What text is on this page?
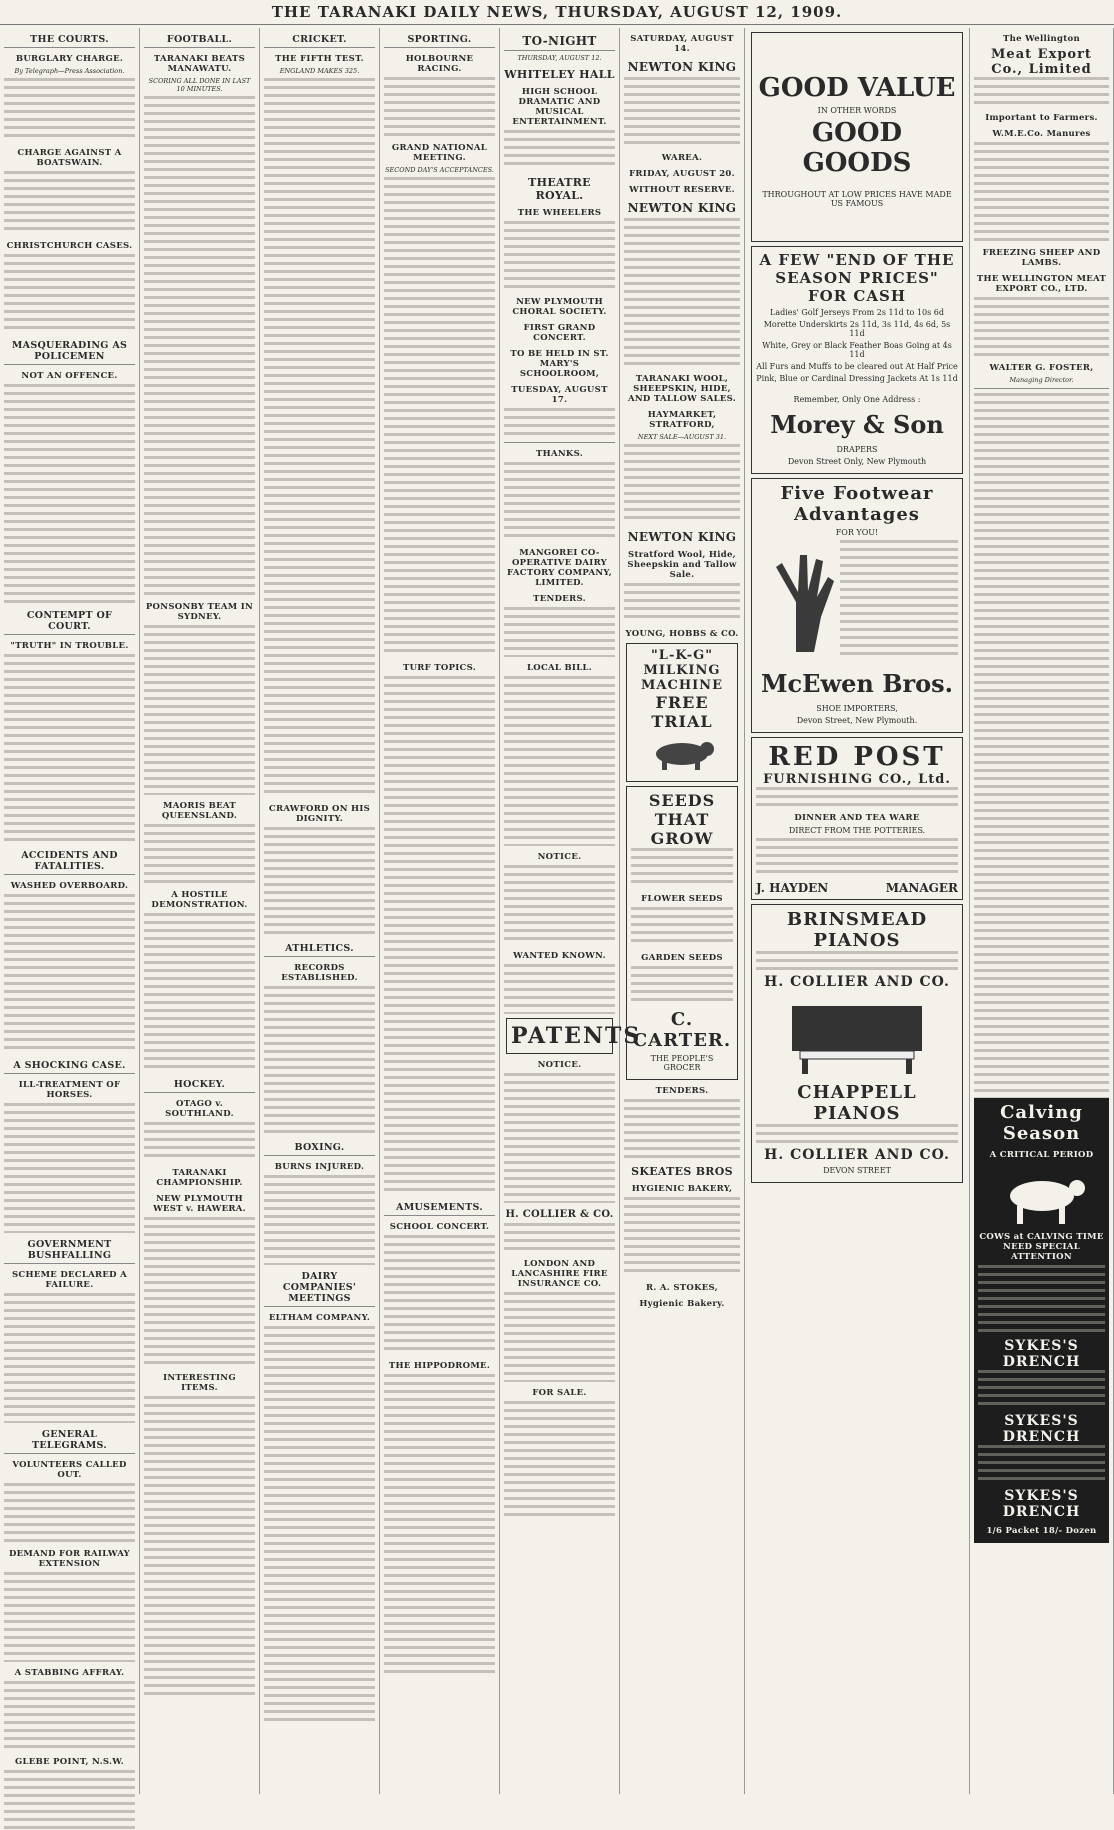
THE TARANAKI DAILY NEWS, THURSDAY, AUGUST 12, 1909.
THE COURTS.
BURGLARY CHARGE.
By Telegraph—Press Association.
CHARGE AGAINST A BOATSWAIN.
CHRISTCHURCH CASES.
MASQUERADING AS POLICEMEN
NOT AN OFFENCE.
CONTEMPT OF COURT.
"TRUTH" IN TROUBLE.
ACCIDENTS AND FATALITIES.
WASHED OVERBOARD.
A SHOCKING CASE.
ILL-TREATMENT OF HORSES.
GOVERNMENT BUSHFALLING
SCHEME DECLARED A FAILURE.
GENERAL TELEGRAMS.
VOLUNTEERS CALLED OUT.
DEMAND FOR RAILWAY EXTENSION
A STABBING AFFRAY.
GLEBE POINT, N.S.W.
FOOTBALL.
TARANAKI BEATS MANAWATU.
SCORING ALL DONE IN LAST 10 MINUTES.
PONSONBY TEAM IN SYDNEY.
MAORIS BEAT QUEENSLAND.
A HOSTILE DEMONSTRATION.
HOCKEY.
OTAGO v. SOUTHLAND.
TARANAKI CHAMPIONSHIP.
NEW PLYMOUTH WEST v. HAWERA.
INTERESTING ITEMS.
CRICKET.
THE FIFTH TEST.
ENGLAND MAKES 325.
CRAWFORD ON HIS DIGNITY.
ATHLETICS.
RECORDS ESTABLISHED.
BOXING.
BURNS INJURED.
DAIRY COMPANIES' MEETINGS
ELTHAM COMPANY.
SPORTING.
HOLBOURNE RACING.
GRAND NATIONAL MEETING.
SECOND DAY'S ACCEPTANCES.
TURF TOPICS.
AMUSEMENTS.
SCHOOL CONCERT.
THE HIPPODROME.
TO-NIGHT
THURSDAY, AUGUST 12.
WHITELEY HALL
HIGH SCHOOL DRAMATIC AND MUSICAL ENTERTAINMENT.
THEATRE ROYAL.
THE WHEELERS
NEW PLYMOUTH CHORAL SOCIETY.
FIRST GRAND CONCERT.
TO BE HELD IN ST. MARY'S SCHOOLROOM,
TUESDAY, AUGUST 17.
THANKS.
MANGOREI CO-OPERATIVE DAIRY FACTORY COMPANY, LIMITED.
TENDERS.
LOCAL BILL.
NOTICE.
WANTED KNOWN.
PATENTS
NOTICE.
H. COLLIER & CO.
LONDON AND LANCASHIRE FIRE INSURANCE CO.
FOR SALE.
SATURDAY, AUGUST 14.
NEWTON KING
WAREA.
FRIDAY, AUGUST 20.
WITHOUT RESERVE.
NEWTON KING
TARANAKI WOOL, SHEEPSKIN, HIDE, AND TALLOW SALES.
HAYMARKET, STRATFORD,
NEXT SALE—AUGUST 31.
NEWTON KING
Stratford Wool, Hide, Sheepskin and Tallow Sale.
YOUNG, HOBBS & CO.
"L-K-G" MILKING MACHINE
FREE TRIAL
SEEDS THAT GROW
FLOWER SEEDS
GARDEN SEEDS
C. CARTER.
THE PEOPLE'S GROCER
TENDERS.
SKEATES BROS
HYGIENIC BAKERY,
R. A. STOKES,
Hygienic Bakery.
GOOD VALUE
IN OTHER WORDS
GOOD GOODS
THROUGHOUT AT LOW PRICES HAVE MADE US FAMOUS
A FEW "END OF THE SEASON PRICES" FOR CASH
Ladies' Golf Jerseys From 2s 11d to 10s 6d
Morette Underskirts 2s 11d, 3s 11d, 4s 6d, 5s 11d
White, Grey or Black Feather Boas Going at 4s 11d
All Furs and Muffs to be cleared out At Half Price
Pink, Blue or Cardinal Dressing Jackets At 1s 11d
Remember, Only One Address :
Morey & Son
DRAPERS
Devon Street Only, New Plymouth
Five Footwear Advantages
FOR YOU!
McEwen Bros.
SHOE IMPORTERS,
Devon Street, New Plymouth.
RED POST
FURNISHING CO., Ltd.
DINNER AND TEA WARE
DIRECT FROM THE POTTERIES.
J. HAYDEN	MANAGER
BRINSMEAD PIANOS
H. COLLIER AND CO.
CHAPPELL PIANOS
H. COLLIER AND CO.
DEVON STREET
The Wellington
Meat Export Co., Limited
Important to Farmers.
W.M.E.Co. Manures
FREEZING SHEEP AND LAMBS.
THE WELLINGTON MEAT EXPORT CO., LTD.
WALTER G. FOSTER,
Managing Director.
Calving Season
A CRITICAL PERIOD
COWS at CALVING TIME NEED SPECIAL ATTENTION
SYKES'S DRENCH
SYKES'S DRENCH
SYKES'S DRENCH
1/6 Packet 18/- Dozen
